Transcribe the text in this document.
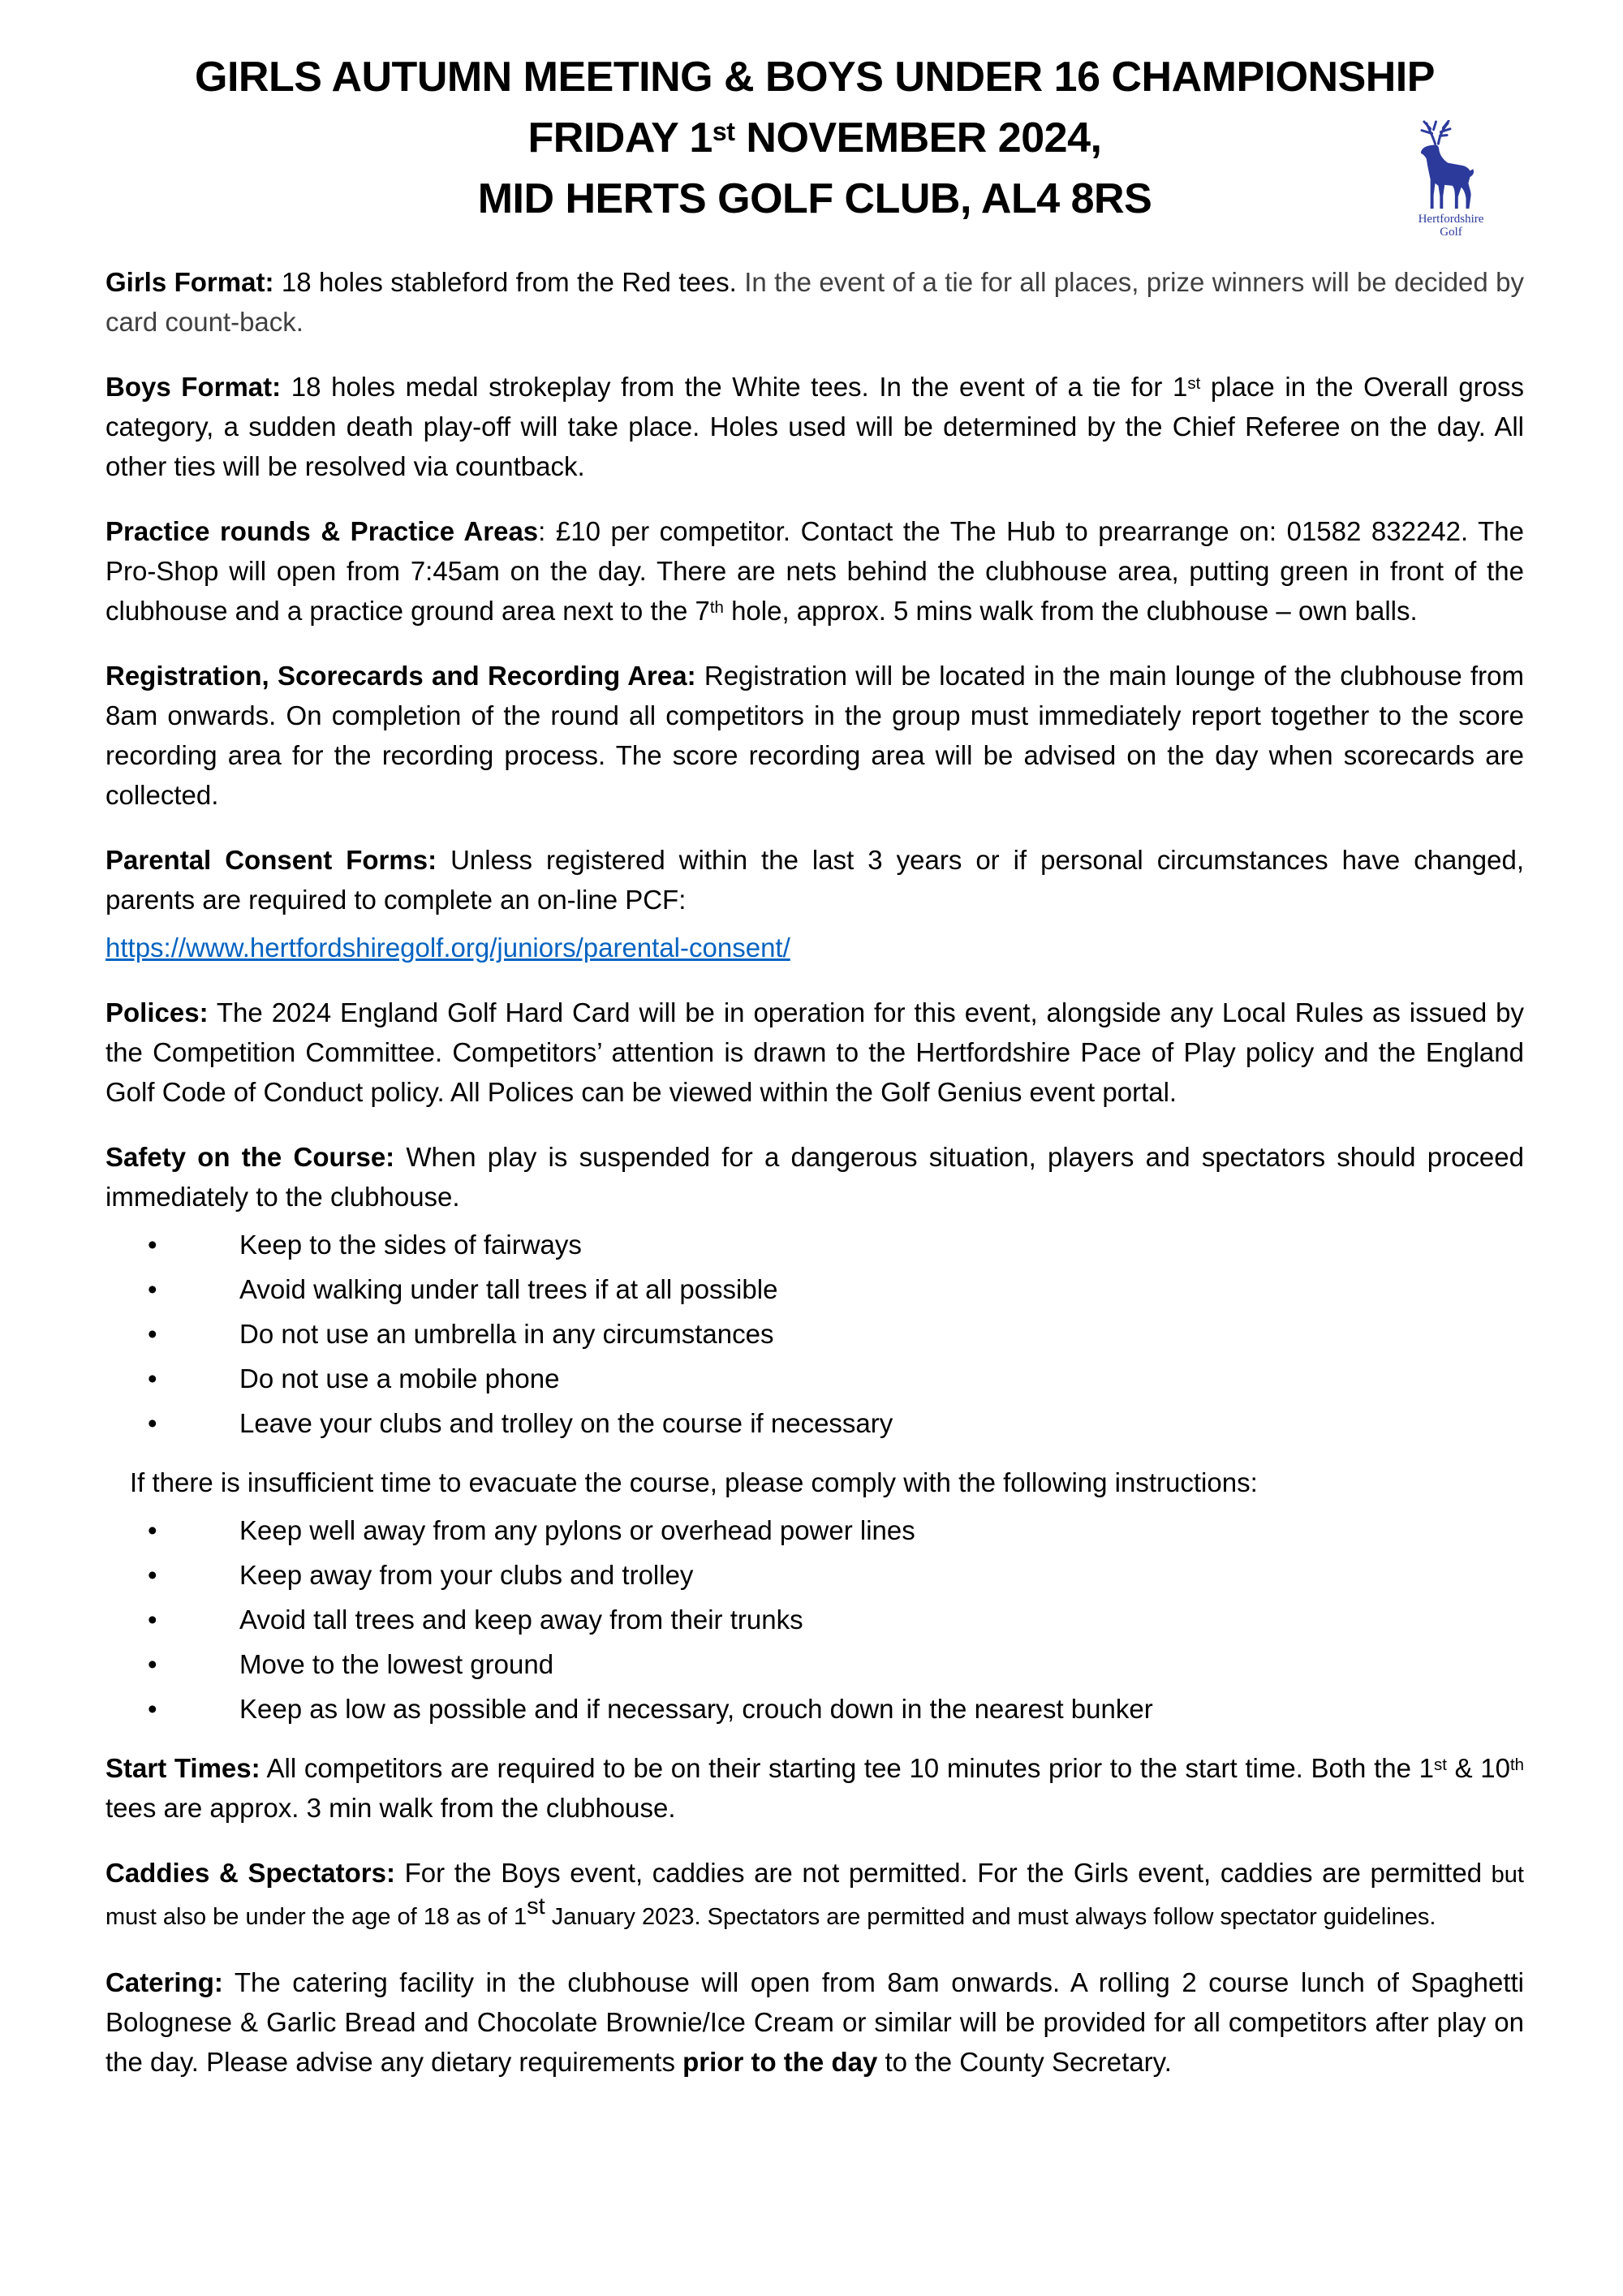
Hertfordshire
Golf
GIRLS AUTUMN MEETING & BOYS UNDER 16 CHAMPIONSHIP
FRIDAY 1st NOVEMBER 2024,
MID HERTS GOLF CLUB, AL4 8RS

Girls Format: 18 holes stableford from the Red tees. In the event of a tie for all places, prize winners will be decided by card count-back.

Boys Format: 18 holes medal strokeplay from the White tees. In the event of a tie for 1st place in the Overall gross category, a sudden death play-off will take place. Holes used will be determined by the Chief Referee on the day. All other ties will be resolved via countback.

Practice rounds & Practice Areas: £10 per competitor. Contact the The Hub to prearrange on: 01582 832242. The Pro-Shop will open from 7:45am on the day. There are nets behind the clubhouse area, putting green in front of the clubhouse and a practice ground area next to the 7th hole, approx. 5 mins walk from the clubhouse – own balls.

Registration, Scorecards and Recording Area: Registration will be located in the main lounge of the clubhouse from 8am onwards. On completion of the round all competitors in the group must immediately report together to the score recording area for the recording process. The score recording area will be advised on the day when scorecards are collected.

Parental Consent Forms: Unless registered within the last 3 years or if personal circumstances have changed, parents are required to complete an on-line PCF:

https://www.hertfordshiregolf.org/juniors/parental-consent/

Polices: The 2024 England Golf Hard Card will be in operation for this event, alongside any Local Rules as issued by the Competition Committee. Competitors’ attention is drawn to the Hertfordshire Pace of Play policy and the England Golf Code of Conduct policy. All Polices can be viewed within the Golf Genius event portal.

Safety on the Course: When play is suspended for a dangerous situation, players and spectators should proceed immediately to the clubhouse.

• Keep to the sides of fairways
• Avoid walking under tall trees if at all possible
• Do not use an umbrella in any circumstances
• Do not use a mobile phone
• Leave your clubs and trolley on the course if necessary

If there is insufficient time to evacuate the course, please comply with the following instructions:

• Keep well away from any pylons or overhead power lines
• Keep away from your clubs and trolley
• Avoid tall trees and keep away from their trunks
• Move to the lowest ground
• Keep as low as possible and if necessary, crouch down in the nearest bunker

Start Times: All competitors are required to be on their starting tee 10 minutes prior to the start time. Both the 1st & 10th tees are approx. 3 min walk from the clubhouse.

Caddies & Spectators: For the Boys event, caddies are not permitted. For the Girls event, caddies are permitted but must also be under the age of 18 as of 1st January 2023. Spectators are permitted and must always follow spectator guidelines.

Catering: The catering facility in the clubhouse will open from 8am onwards. A rolling 2 course lunch of Spaghetti Bolognese & Garlic Bread and Chocolate Brownie/Ice Cream or similar will be provided for all competitors after play on the day. Please advise any dietary requirements prior to the day to the County Secretary.
